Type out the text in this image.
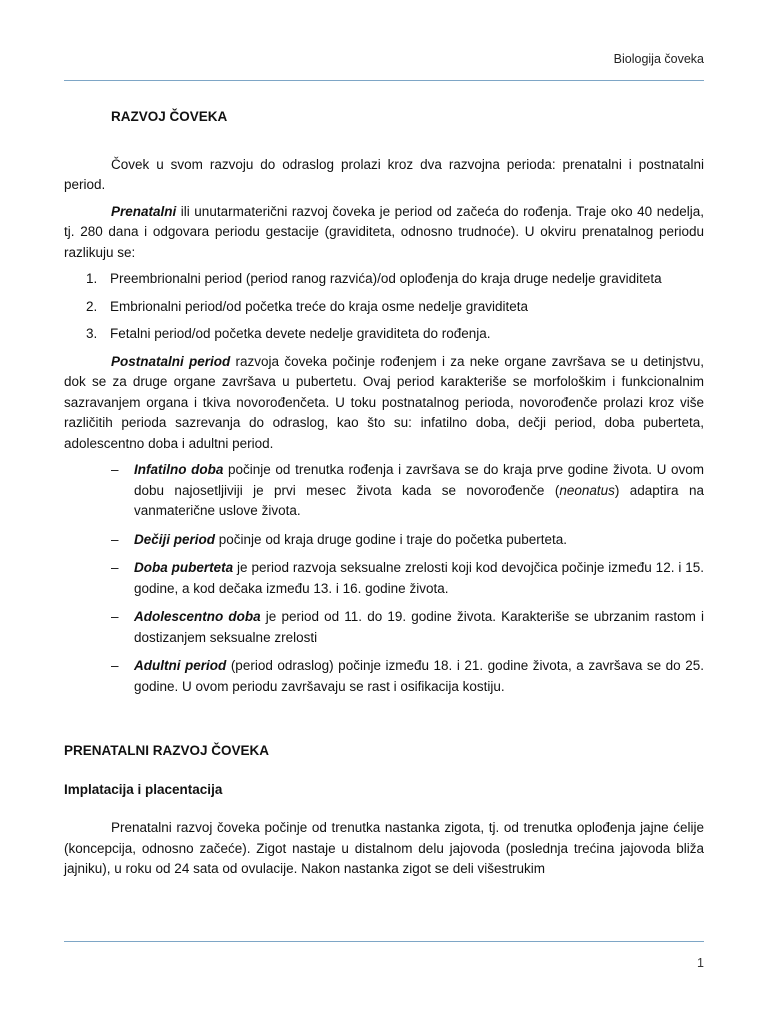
Biologija čoveka

RAZVOJ ČOVEKA

Čovek u svom razvoju do odraslog prolazi kroz dva razvojna perioda: prenatalni i postnatalni period.

Prenatalni ili unutarmaterični razvoj čoveka je period od začeća do rođenja. Traje oko 40 nedelja, tj. 280 dana i odgovara periodu gestacije (graviditeta, odnosno trudnoće). U okviru prenatalnog periodu razlikuju se:

1. Preembrionalni period (period ranog razvića)/od oplođenja do kraja druge nedelje graviditeta
2. Embrionalni period/od početka treće do kraja osme nedelje graviditeta
3. Fetalni period/od početka devete nedelje graviditeta do rođenja.

Postnatalni period razvoja čoveka počinje rođenjem i za neke organe završava se u detinjstvu, dok se za druge organe završava u pubertetu. Ovaj period karakteriše se morfološkim i funkcionalnim sazravanjem organa i tkiva novorođenčeta. U toku postnatalnog perioda, novorođenče prolazi kroz više različitih perioda sazrevanja do odraslog, kao što su: infatilno doba, dečji period, doba puberteta, adolescentno doba i adultni period.

–	Infatilno doba počinje od trenutka rođenja i završava se do kraja prve godine života. U ovom dobu najosetljiviji je prvi mesec života kada se novorođenče (neonatus) adaptira na vanmaterične uslove života.
–	Dečiji period počinje od kraja druge godine i traje do početka puberteta.
–	Doba puberteta je period razvoja seksualne zrelosti koji kod devojčica počinje između 12. i 15. godine, a kod dečaka između 13. i 16. godine života.
–	Adolescentno doba je period od 11. do 19. godine života. Karakteriše se ubrzanim rastom i dostizanjem seksualne zrelosti
–	Adultni period (period odraslog) počinje između 18. i 21. godine života, a završava se do 25. godine. U ovom periodu završavaju se rast i osifikacija kostiju.

PRENATALNI RAZVOJ ČOVEKA

Implatacija i placentacija

Prenatalni razvoj čoveka počinje od trenutka nastanka zigota, tj. od trenutka oplođenja jajne ćelije (koncepcija, odnosno začeće). Zigot nastaje u distalnom delu jajovoda (poslednja trećina jajovoda bliža jajniku), u roku od 24 sata od ovulacije. Nakon nastanka zigot se deli višestrukim

1
